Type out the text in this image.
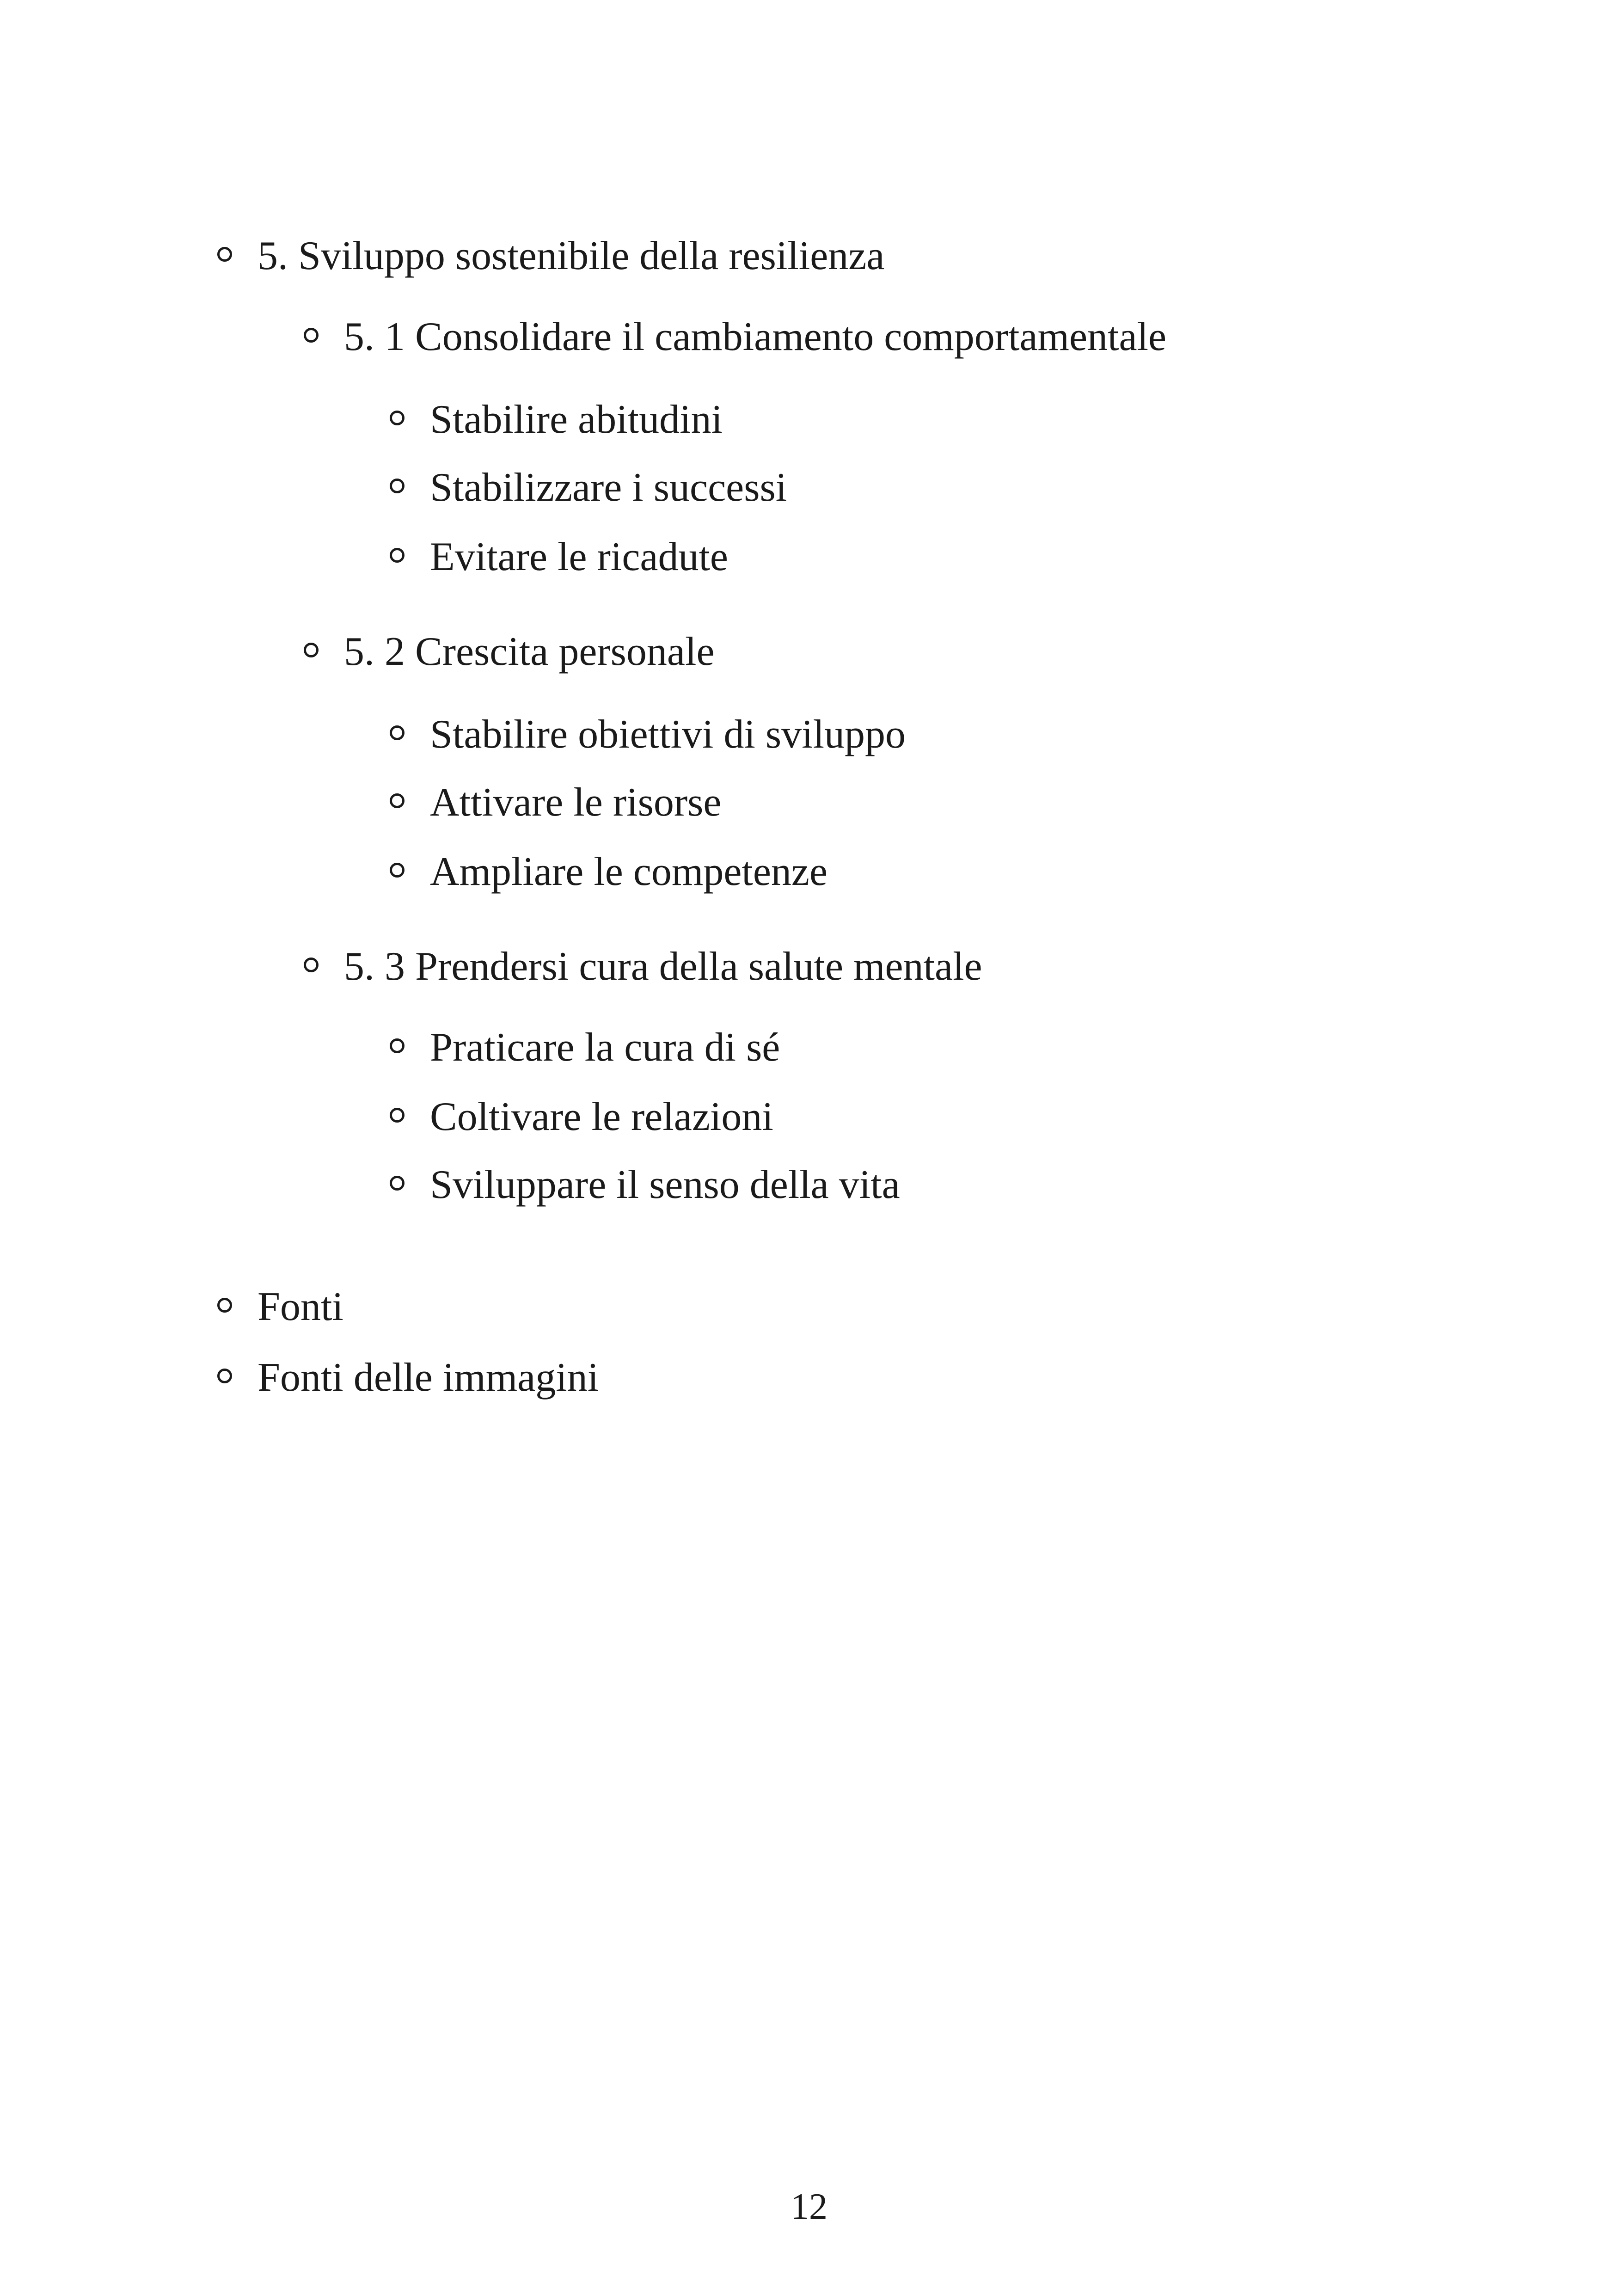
5. Sviluppo sostenibile della resilienza
5. 1 Consolidare il cambiamento comportamentale
Stabilire abitudini
Stabilizzare i successi
Evitare le ricadute
5. 2 Crescita personale
Stabilire obiettivi di sviluppo
Attivare le risorse
Ampliare le competenze
5. 3 Prendersi cura della salute mentale
Praticare la cura di sé
Coltivare le relazioni
Sviluppare il senso della vita
Fonti
Fonti delle immagini
12
